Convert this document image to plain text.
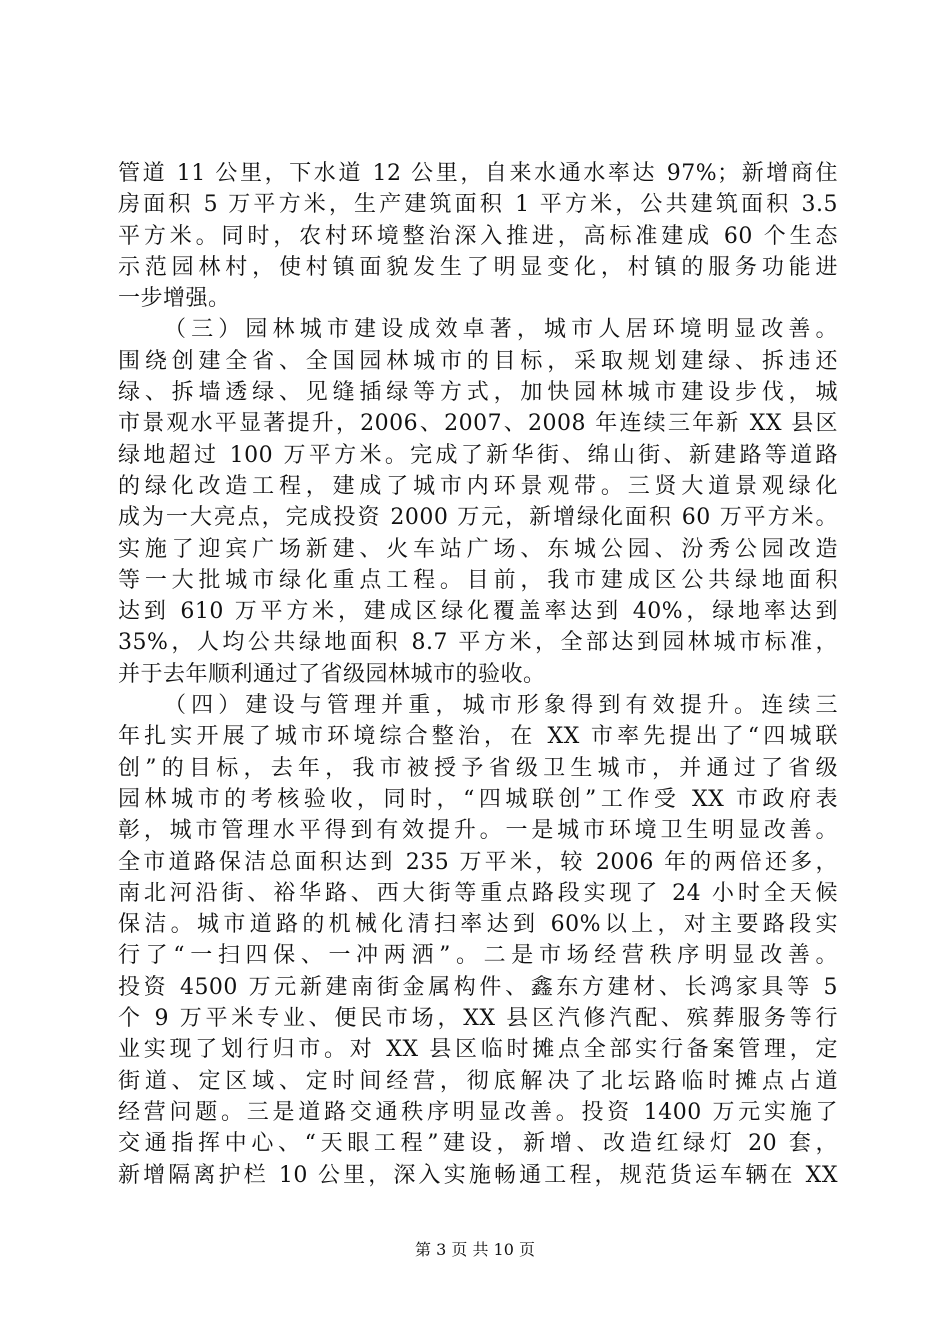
管道 11 公里，下水道 12 公里，自来水通水率达 97%；新增商住
房面积 5 万平方米，生产建筑面积 1 平方米，公共建筑面积 3.5
平方米。同时，农村环境整治深入推进，高标准建成 60 个生态
示范园林村，使村镇面貌发生了明显变化，村镇的服务功能进
一步增强。
（三）园林城市建设成效卓著，城市人居环境明显改善。
围绕创建全省、全国园林城市的目标，采取规划建绿、拆违还
绿、拆墙透绿、见缝插绿等方式，加快园林城市建设步伐，城
市景观水平显著提升，2006、2007、2008 年连续三年新 XX 县区
绿地超过 100 万平方米。完成了新华街、绵山街、新建路等道路
的绿化改造工程，建成了城市内环景观带。三贤大道景观绿化
成为一大亮点，完成投资 2000 万元，新增绿化面积 60 万平方米。
实施了迎宾广场新建、火车站广场、东城公园、汾秀公园改造
等一大批城市绿化重点工程。目前，我市建成区公共绿地面积
达到 610 万平方米，建成区绿化覆盖率达到 40%，绿地率达到
35%，人均公共绿地面积 8.7 平方米，全部达到园林城市标准，
并于去年顺利通过了省级园林城市的验收。
（四）建设与管理并重，城市形象得到有效提升。连续三
年扎实开展了城市环境综合整治，在 XX 市率先提出了“四城联
创”的目标，去年，我市被授予省级卫生城市，并通过了省级
园林城市的考核验收，同时，“四城联创”工作受 XX 市政府表
彰，城市管理水平得到有效提升。一是城市环境卫生明显改善。
全市道路保洁总面积达到 235 万平米，较 2006 年的两倍还多，
南北河沿街、裕华路、西大街等重点路段实现了 24 小时全天候
保洁。城市道路的机械化清扫率达到 60%以上，对主要路段实
行了“一扫四保、一冲两洒”。二是市场经营秩序明显改善。
投资 4500 万元新建南街金属构件、鑫东方建材、长鸿家具等 5
个 9 万平米专业、便民市场，XX 县区汽修汽配、殡葬服务等行
业实现了划行归市。对 XX 县区临时摊点全部实行备案管理，定
街道、定区域、定时间经营，彻底解决了北坛路临时摊点占道
经营问题。三是道路交通秩序明显改善。投资 1400 万元实施了
交通指挥中心、“天眼工程”建设，新增、改造红绿灯 20 套，
新增隔离护栏 10 公里，深入实施畅通工程，规范货运车辆在 XX
第 3 页 共 10 页
